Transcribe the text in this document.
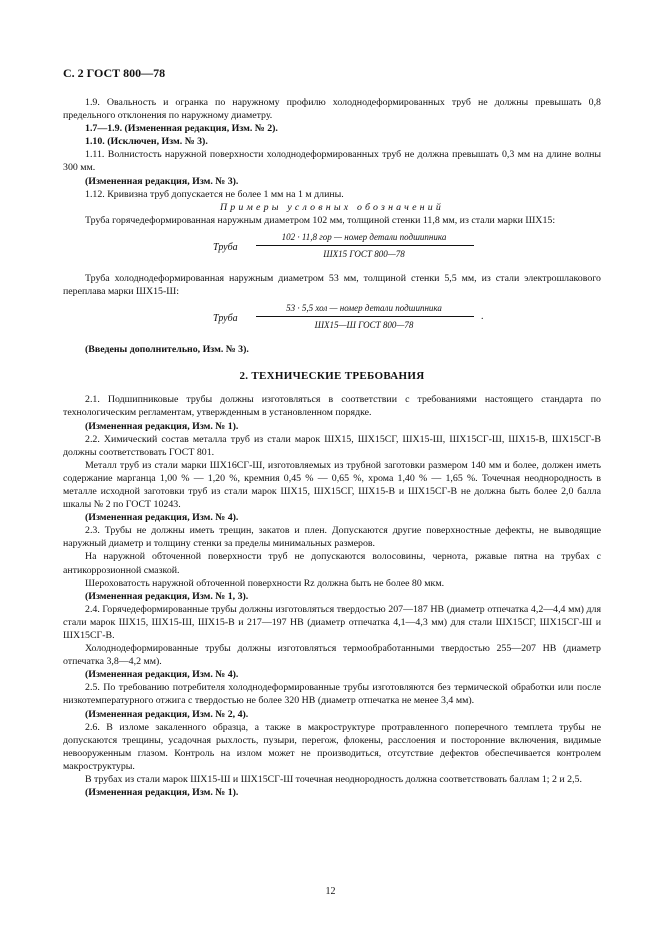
С. 2 ГОСТ 800—78

1.9. Овальность и огранка по наружному профилю холоднодеформированных труб не должны превышать 0,8 предельного отклонения по наружному диаметру.

1.7—1.9. (Измененная редакция, Изм. № 2).

1.10. (Исключен, Изм. № 3).

1.11. Волнистость наружной поверхности холоднодеформированных труб не должна превышать 0,3 мм на длине волны 300 мм.

(Измененная редакция, Изм. № 3).

1.12. Кривизна труб допускается не более 1 мм на 1 м длины.

Примеры условных обозначений

Труба горячедеформированная наружным диаметром 102 мм, толщиной стенки 11,8 мм, из стали марки ШХ15:

Труба
102 · 11,8 гор — номер детали подшипника
ШХ15 ГОСТ 800—78

Труба холоднодеформированная наружным диаметром 53 мм, толщиной стенки 5,5 мм, из стали электрошлакового переплава марки ШХ15-Ш:

Труба
53 · 5,5 хол — номер детали подшипника
ШХ15—Ш ГОСТ 800—78
.

(Введены дополнительно, Изм. № 3).

2. ТЕХНИЧЕСКИЕ ТРЕБОВАНИЯ

2.1. Подшипниковые трубы должны изготовляться в соответствии с требованиями настоящего стандарта по технологическим регламентам, утвержденным в установленном порядке.

(Измененная редакция, Изм. № 1).

2.2. Химический состав металла труб из стали марок ШХ15, ШХ15СГ, ШХ15-Ш, ШХ15СГ-Ш, ШХ15-В, ШХ15СГ-В должны соответствовать ГОСТ 801.

Металл труб из стали марки ШХ16СГ-Ш, изготовляемых из трубной заготовки размером 140 мм и более, должен иметь содержание марганца 1,00 % — 1,20 %, кремния 0,45 % — 0,65 %, хрома 1,40 % — 1,65 %. Точечная неоднородность в металле исходной заготовки труб из стали марок ШХ15, ШХ15СГ, ШХ15-В и ШХ15СГ-В не должна быть более 2,0 балла шкалы № 2 по ГОСТ 10243.

(Измененная редакция, Изм. № 4).

2.3. Трубы не должны иметь трещин, закатов и плен. Допускаются другие поверхностные дефекты, не выводящие наружный диаметр и толщину стенки за пределы минимальных размеров.

На наружной обточенной поверхности труб не допускаются волосовины, чернота, ржавые пятна на трубах с антикоррозионной смазкой.

Шероховатость наружной обточенной поверхности Rz должна быть не более 80 мкм.

(Измененная редакция, Изм. № 1, 3).

2.4. Горячедеформированные трубы должны изготовляться твердостью 207—187 НВ (диаметр отпечатка 4,2—4,4 мм) для стали марок ШХ15, ШХ15-Ш, ШХ15-В и 217—197 НВ (диаметр отпечатка 4,1—4,3 мм) для стали ШХ15СГ, ШХ15СГ-Ш и ШХ15СГ-В.

Холоднодеформированные трубы должны изготовляться термообработанными твердостью 255—207 НВ (диаметр отпечатка 3,8—4,2 мм).

(Измененная редакция, Изм. № 4).

2.5. По требованию потребителя холоднодеформированные трубы изготовляются без термической обработки или после низкотемпературного отжига с твердостью не более 320 НВ (диаметр отпечатка не менее 3,4 мм).

(Измененная редакция, Изм. № 2, 4).

2.6. В изломе закаленного образца, а также в макроструктуре протравленного поперечного темплета трубы не допускаются трещины, усадочная рыхлость, пузыри, перегож, флокены, расслоения и посторонние включения, видимые невооруженным глазом. Контроль на излом может не производиться, отсутствие дефектов обеспечивается контролем макроструктуры.

В трубах из стали марок ШХ15-Ш и ШХ15СГ-Ш точечная неоднородность должна соответствовать баллам 1; 2 и 2,5.

(Измененная редакция, Изм. № 1).

12
